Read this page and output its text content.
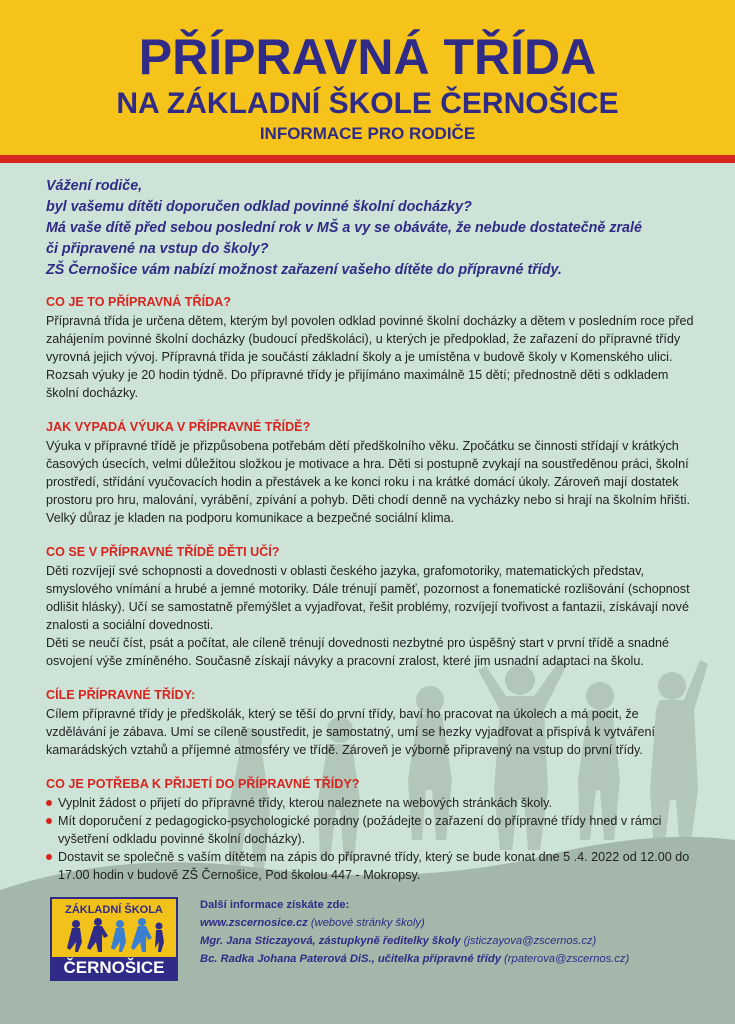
PŘÍPRAVNÁ TŘÍDA
NA ZÁKLADNÍ ŠKOLE ČERNOŠICE
INFORMACE PRO RODIČE
Vážení rodiče,
byl vašemu dítěti doporučen odklad povinné školní docházky?
Má vaše dítě před sebou poslední rok v MŠ a vy se obáváte, že nebude dostatečně zralé
či připravené na vstup do školy?
ZŠ Černošice vám nabízí možnost zařazení vašeho dítěte do přípravné třídy.
CO JE TO PŘÍPRAVNÁ TŘÍDA?

Přípravná třída je určena dětem, kterým byl povolen odklad povinné školní docházky a dětem v posledním roce před zahájením povinné školní docházky (budoucí předškoláci), u kterých je předpoklad, že zařazení do přípravné třídy vyrovná jejich vývoj. Přípravná třída je součástí základní školy a je umístěna v budově školy v Komenského ulici. Rozsah výuky je 20 hodin týdně. Do přípravné třídy je přijímáno maximálně 15 dětí; přednostně děti s odkladem školní docházky.

JAK VYPADÁ VÝUKA V PŘÍPRAVNÉ TŘÍDĚ?

Výuka v přípravné třídě je přizpůsobena potřebám dětí předškolního věku. Zpočátku se činnosti střídají v krátkých časových úsecích, velmi důležitou složkou je motivace a hra. Děti si postupně zvykají na soustředěnou práci, školní prostředí, střídání vyučovacích hodin a přestávek a ke konci roku i na krátké domácí úkoly. Zároveň mají dostatek prostoru pro hru, malování, vyrábění, zpívání a pohyb. Děti chodí denně na vycházky nebo si hrají na školním hřišti. Velký důraz je kladen na podporu komunikace a bezpečné sociální klima.

CO SE V PŘÍPRAVNÉ TŘÍDĚ DĚTI UČÍ?

Děti rozvíjejí své schopnosti a dovednosti v oblasti českého jazyka, grafomotoriky, matematických představ, smyslového vnímání a hrubé a jemné motoriky. Dále trénují paměť, pozornost a fonematické rozlišování (schopnost odlišit hlásky). Učí se samostatně přemýšlet a vyjadřovat, řešit problémy, rozvíjejí tvořivost a fantazii, získávají nové znalosti a sociální dovednosti.

Děti se neučí číst, psát a počítat, ale cíleně trénují dovednosti nezbytné pro úspěšný start v první třídě a snadné osvojení výše zmíněného. Současně získají návyky a pracovní zralost, které jim usnadní adaptaci na školu.

CÍLE PŘÍPRAVNÉ TŘÍDY:

Cílem přípravné třídy je předškolák, který se těší do první třídy, baví ho pracovat na úkolech a má pocit, že vzdělávání je zábava. Umí se cíleně soustředit, je samostatný, umí se hezky vyjadřovat a přispívá k vytváření kamarádských vztahů a příjemné atmosféry ve třídě. Zároveň je výborně připravený na vstup do první třídy.

CO JE POTŘEBA K PŘIJETÍ DO PŘÍPRAVNÉ TŘÍDY?
Vyplnit žádost o přijetí do přípravné třídy, kterou naleznete na webových stránkách školy.
Mít doporučení z pedagogicko-psychologické poradny (požádejte o zařazení do přípravné třídy hned v rámci vyšetření odkladu povinné školní docházky).
Dostavit se společně s vaším dítětem na zápis do přípravné třídy, který se bude konat dne 5 .4. 2022 od 12.00 do 17.00 hodin v budově ZŠ Černošice, Pod školou 447 - Mokropsy.
ZÁKLADNÍ ŠKOLA
ČERNOŠICE
Další informace získáte zde:
www.zscernosice.cz (webové stránky školy)
Mgr. Jana Sticzayová, zástupkyně ředitelky školy (jsticzayova@zscernos.cz)
Bc. Radka Johana Paterová DiS., učitelka přípravné třídy (rpaterova@zscernos.cz)
